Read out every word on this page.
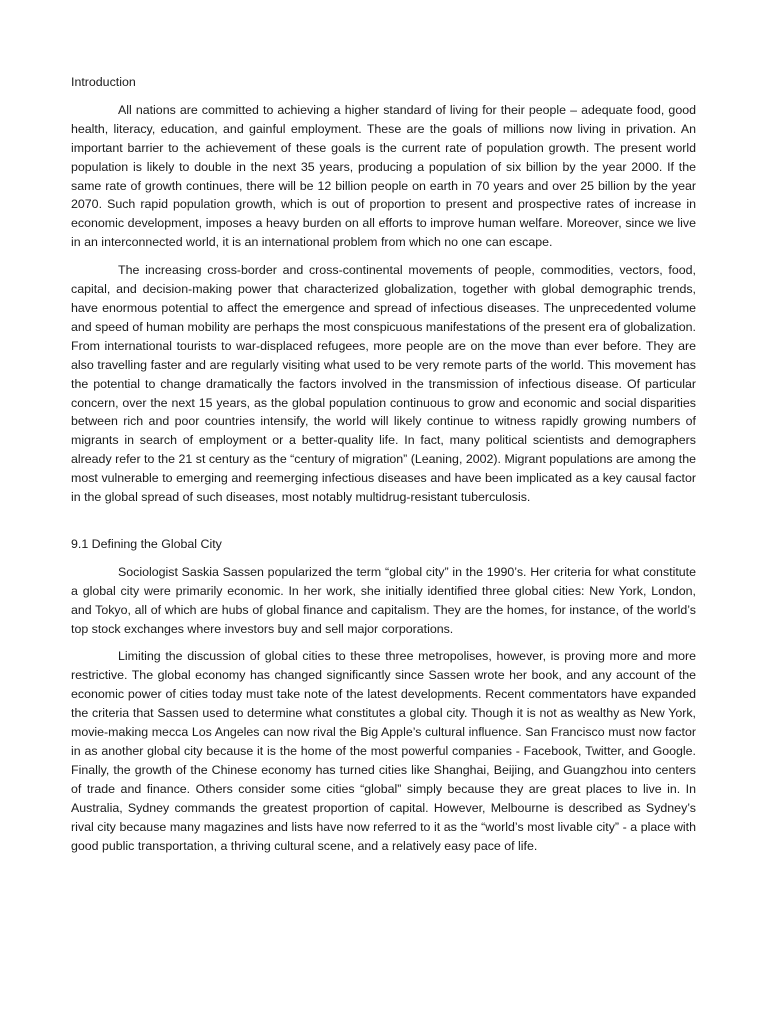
Introduction

All nations are committed to achieving a higher standard of living for their people – adequate food, good health, literacy, education, and gainful employment. These are the goals of millions now living in privation. An important barrier to the achievement of these goals is the current rate of population growth. The present world population is likely to double in the next 35 years, producing a population of six billion by the year 2000. If the same rate of growth continues, there will be 12 billion people on earth in 70 years and over 25 billion by the year 2070. Such rapid population growth, which is out of proportion to present and prospective rates of increase in economic development, imposes a heavy burden on all efforts to improve human welfare. Moreover, since we live in an interconnected world, it is an international problem from which no one can escape.

The increasing cross-border and cross-continental movements of people, commodities, vectors, food, capital, and decision-making power that characterized globalization, together with global demographic trends, have enormous potential to affect the emergence and spread of infectious diseases. The unprecedented volume and speed of human mobility are perhaps the most conspicuous manifestations of the present era of globalization. From international tourists to war-displaced refugees, more people are on the move than ever before. They are also travelling faster and are regularly visiting what used to be very remote parts of the world. This movement has the potential to change dramatically the factors involved in the transmission of infectious disease. Of particular concern, over the next 15 years, as the global population continuous to grow and economic and social disparities between rich and poor countries intensify, the world will likely continue to witness rapidly growing numbers of migrants in search of employment or a better-quality life. In fact, many political scientists and demographers already refer to the 21 st century as the “century of migration” (Leaning, 2002). Migrant populations are among the most vulnerable to emerging and reemerging infectious diseases and have been implicated as a key causal factor in the global spread of such diseases, most notably multidrug-resistant tuberculosis.

9.1 Defining the Global City

Sociologist Saskia Sassen popularized the term “global city” in the 1990’s. Her criteria for what constitute a global city were primarily economic. In her work, she initially identified three global cities: New York, London, and Tokyo, all of which are hubs of global finance and capitalism. They are the homes, for instance, of the world’s top stock exchanges where investors buy and sell major corporations.

Limiting the discussion of global cities to these three metropolises, however, is proving more and more restrictive. The global economy has changed significantly since Sassen wrote her book, and any account of the economic power of cities today must take note of the latest developments. Recent commentators have expanded the criteria that Sassen used to determine what constitutes a global city. Though it is not as wealthy as New York, movie-making mecca Los Angeles can now rival the Big Apple’s cultural influence. San Francisco must now factor in as another global city because it is the home of the most powerful companies - Facebook, Twitter, and Google. Finally, the growth of the Chinese economy has turned cities like Shanghai, Beijing, and Guangzhou into centers of trade and finance. Others consider some cities “global” simply because they are great places to live in. In Australia, Sydney commands the greatest proportion of capital. However, Melbourne is described as Sydney’s rival city because many magazines and lists have now referred to it as the “world’s most livable city” - a place with good public transportation, a thriving cultural scene, and a relatively easy pace of life.
